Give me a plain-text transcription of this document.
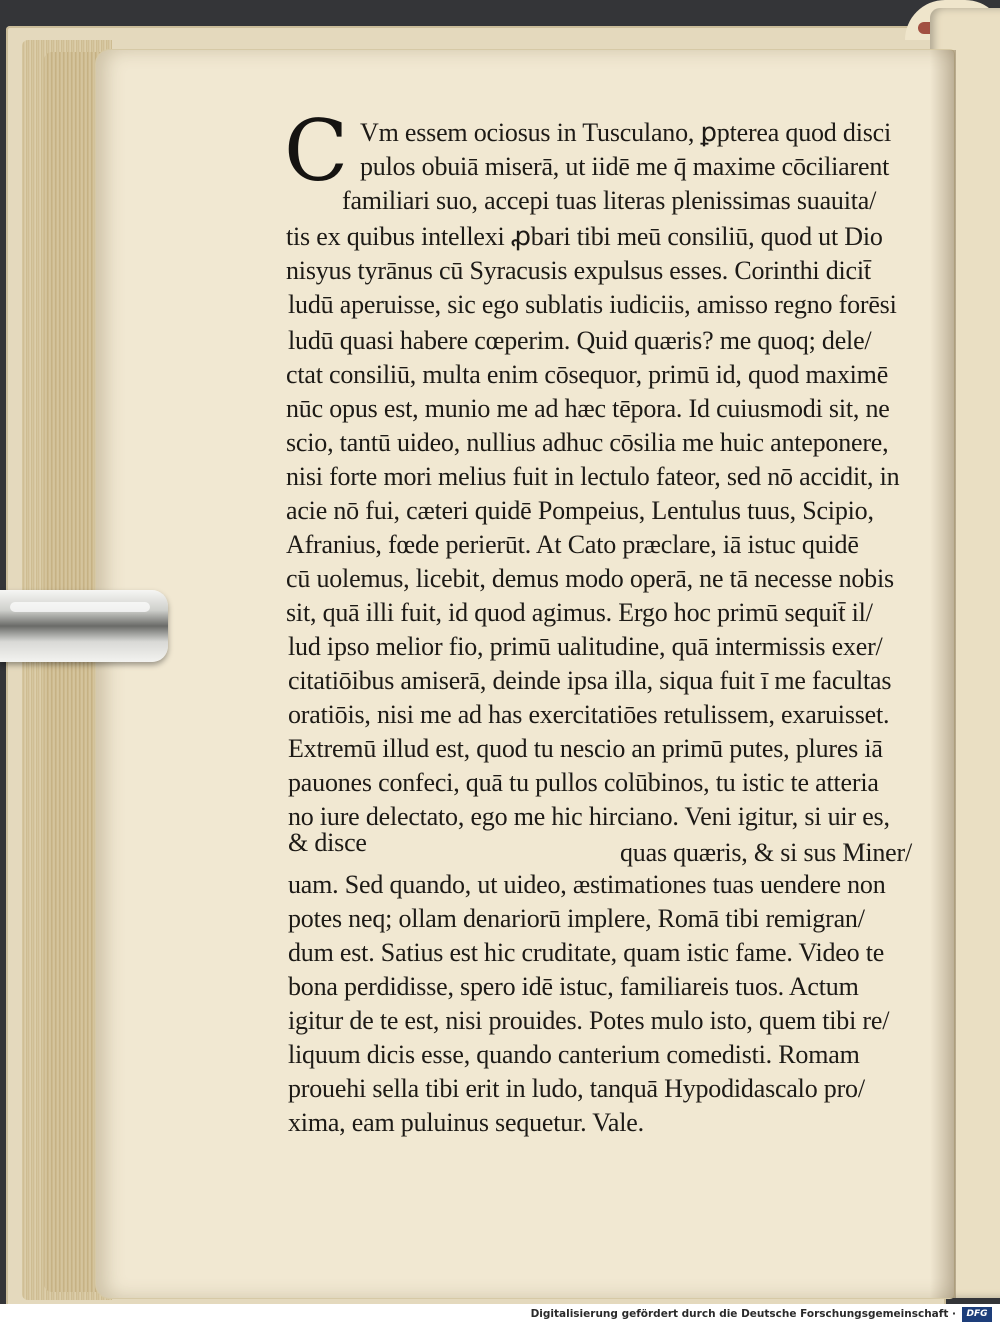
C Vm essem ociosus in Tusculano, ꝑpterea quod disci
pulos obuiā miserā, ut iidē me q̄ maxime cōciliarent
familiari suo, accepi tuas literas plenissimas suauita/
tis ex quibus intellexi ꝓbari tibi meū consiliū, quod ut Dio
nisyus tyrānus cū Syracusis expulsus esses. Corinthi dicit̄
ludū aperuisse, sic ego sublatis iudiciis, amisso regno forēsi
ludū quasi habere cœperim. Quid quæris? me quoq; dele/
ctat consiliū, multa enim cōsequor, primū id, quod maximē
nūc opus est, munio me ad hæc tēpora. Id cuiusmodi sit, ne
scio, tantū uideo, nullius adhuc cōsilia me huic anteponere,
nisi forte mori melius fuit in lectulo fateor, sed nō accidit, in
acie nō fui, cæteri quidē Pompeius, Lentulus tuus, Scipio,
Afranius, fœde perierūt. At Cato præclare, iā istuc quidē
cū uolemus, licebit, demus modo operā, ne tā necesse nobis
sit, quā illi fuit, id quod agimus. Ergo hoc primū sequit̄ il/
lud ipso melior fio, primū ualitudine, quā intermissis exer/
citatiōibus amiserā, deinde ipsa illa, siqua fuit ī me facultas
oratiōis, nisi me ad has exercitatiōes retulissem, exaruisset.
Extremū illud est, quod tu nescio an primū putes, plures iā
pauones confeci, quā tu pullos colūbinos, tu istic te atteria
no iure delectato, ego me hic hirciano. Veni igitur, si uir es,
& disce	quas quæris, & si sus Miner/
uam. Sed quando, ut uideo, æstimationes tuas uendere non
potes neq; ollam denariorū implere, Romā tibi remigran/
dum est. Satius est hic cruditate, quam istic fame. Video te
bona perdidisse, spero idē istuc, familiareis tuos. Actum
igitur de te est, nisi prouides. Potes mulo isto, quem tibi re/
liquum dicis esse, quando canterium comedisti. Romam
prouehi sella tibi erit in ludo, tanquā Hypodidascalo pro/
xima, eam puluinus sequetur. Vale.
Digitalisierung gefördert durch die Deutsche Forschungsgemeinschaft ·	DFG
